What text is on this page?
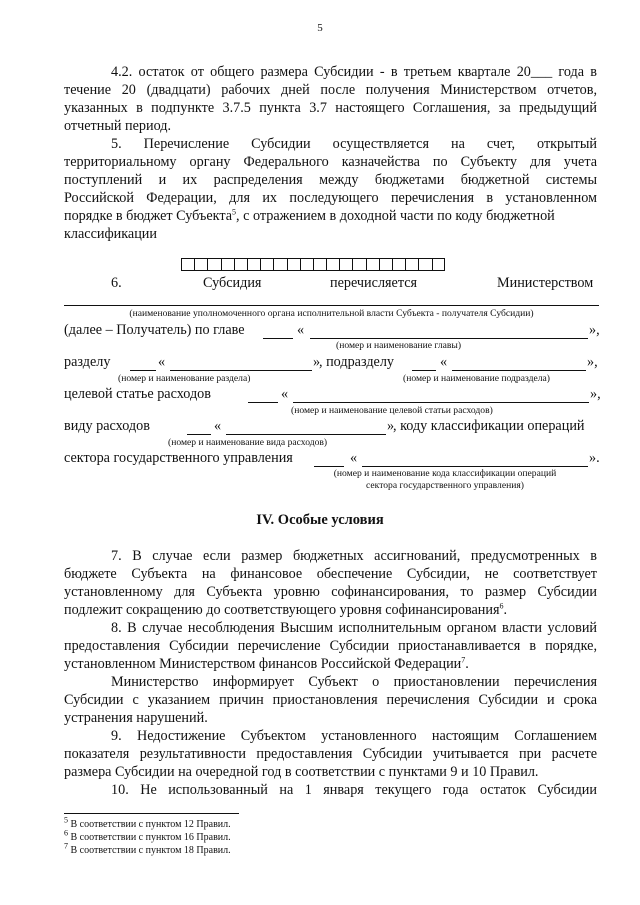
5

4.2. остаток от общего размера Субсидии - в третьем квартале 20___ года в

течение 20 (двадцати) рабочих дней после получения Министерством отчетов,

указанных в подпункте 3.7.5 пункта 3.7 настоящего Соглашения, за предыдущий

отчетный период.

5. Перечисление Субсидии осуществляется на счет, открытый

территориальному органу Федерального казначейства по Субъекту для учета

поступлений и их распределения между бюджетами бюджетной системы

Российской Федерации, для их последующего перечисления в установленном

порядке в бюджет Субъекта$^5$, с отражением в доходной части по коду бюджетной

классификации

6.	Субсидия	перечисляется	Министерством
(наименование уполномоченного органа исполнительной власти Субъекта - получателя Субсидии)
(далее – Получатель) по главе	«	»,
(номер и наименование главы)
разделу	«	»
, подразделу	«	»,
(номер и наименование раздела)	(номер и наименование подраздела)
целевой статье расходов	«	»,
(номер и наименование целевой статьи расходов)
виду расходов	«	»
, коду классификации операций
(номер и наименование вида расходов)
сектора государственного управления	«	».
(номер и наименование кода классификации операций
сектора государственного управления)
IV. Особые условия

7. В случае если размер бюджетных ассигнований, предусмотренных в

бюджете Субъекта на финансовое обеспечение Субсидии, не соответствует

установленному для Субъекта уровню софинансирования, то размер Субсидии

подлежит сокращению до соответствующего уровня софинансирования$^6$.

8. В случае несоблюдения Высшим исполнительным органом власти условий

предоставления Субсидии перечисление Субсидии приостанавливается в порядке,

установленном Министерством финансов Российской Федерации$^7$.

Министерство информирует Субъект о приостановлении перечисления

Субсидии с указанием причин приостановления перечисления Субсидии и срока

устранения нарушений.

9. Недостижение Субъектом установленного настоящим Соглашением

показателя результативности предоставления Субсидии учитывается при расчете

размера Субсидии на очередной год в соответствии с пунктами 9 и 10 Правил.

10. Не использованный на 1 января текущего года остаток Субсидии

$^5$ В соответствии с пунктом 12 Правил.
$^6$ В соответствии с пунктом 16 Правил.
$^7$ В соответствии с пунктом 18 Правил.
